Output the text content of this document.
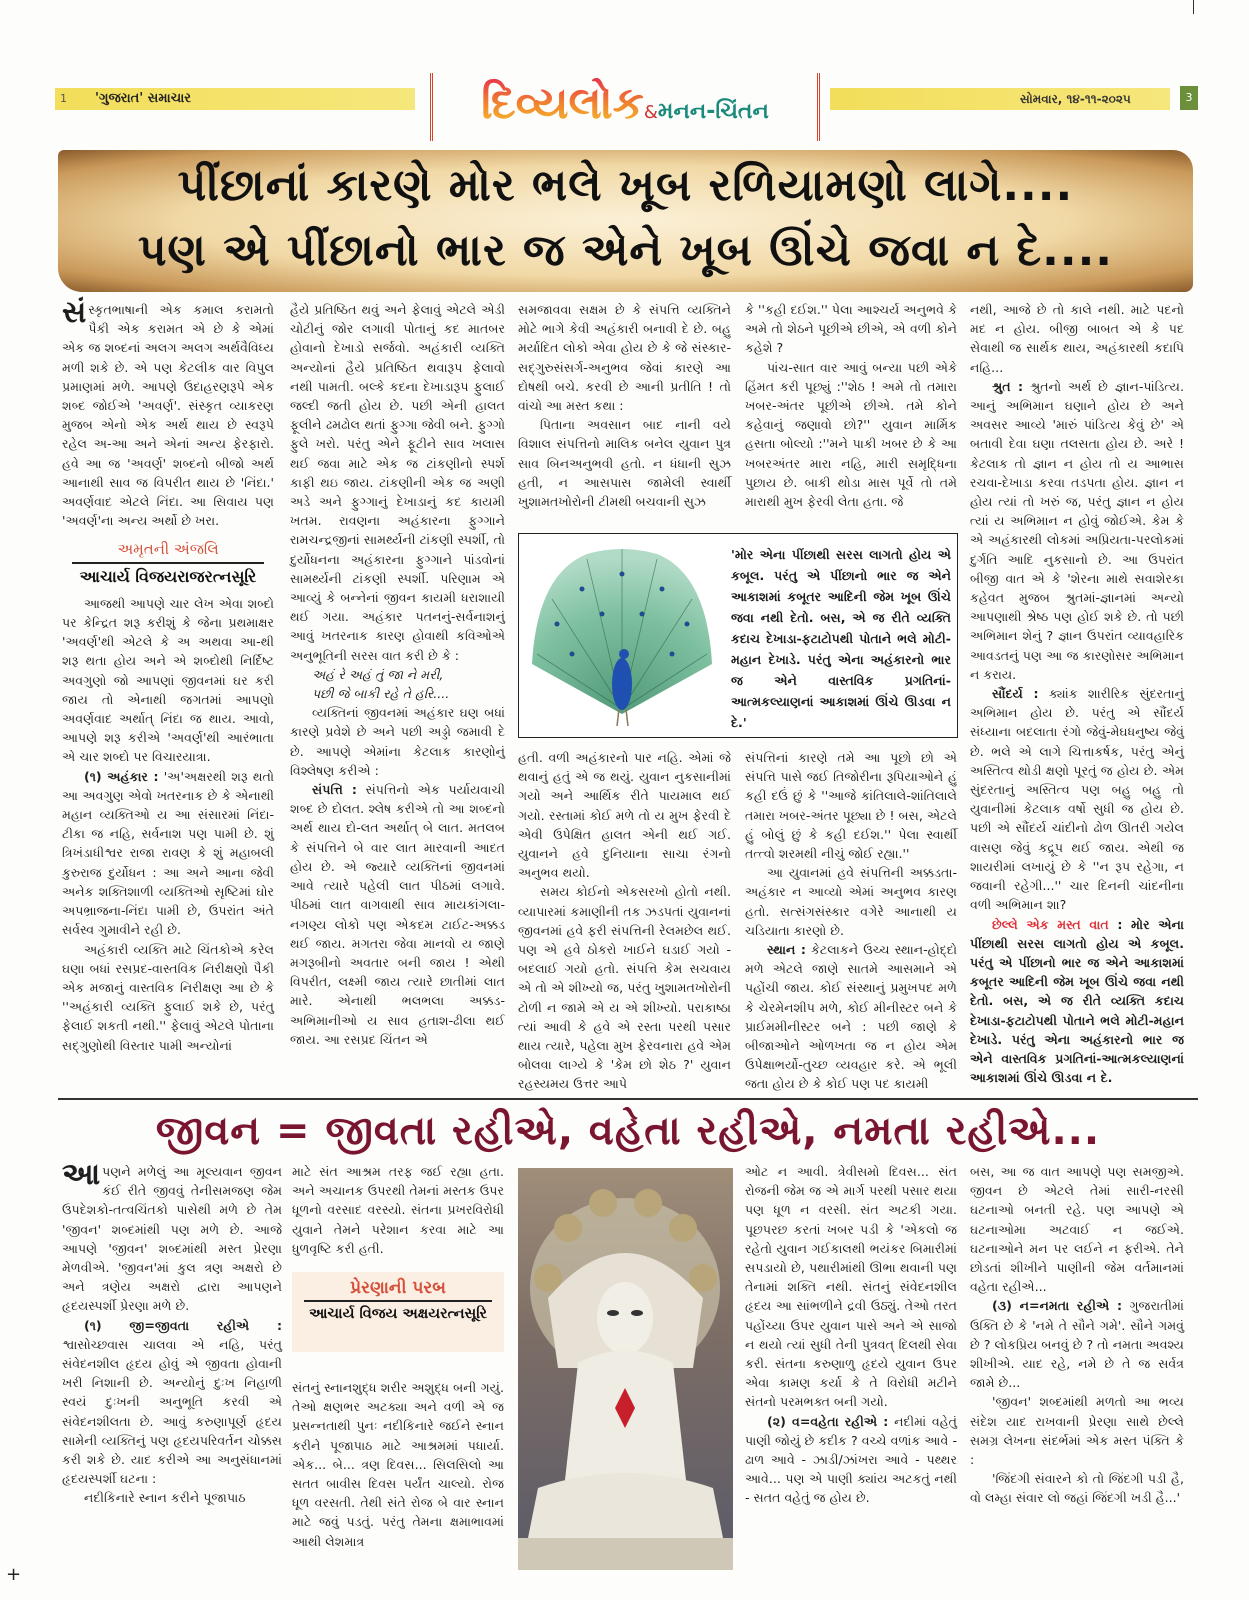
1 'ગુજરાત' સમાચાર	દિવ્યલોક&મનન-ચિંતન	સોમવાર, ૧૪-૧૧-૨૦૨૫	3
પીંછાનાં કારણે મોર ભલે ખૂબ રળિયામણો લાગે....
પણ એ પીંછાનો ભાર જ એને ખૂબ ઊંચે જવા ન દે....

સંસ્કૃતભાષાની એક કમાલ કરામતો પૈકી એક કરામત એ છે કે એમાં એક જ શબ્દનાં અલગ અલગ અર્થવૈવિધ્ય મળી શકે છે. એ પણ કેટલીક વાર વિપુલ પ્રમાણમાં મળે. આપણે ઉદાહરણરૂપે એક શબ્દ જોઈએ 'અવર્ણ'. સંસ્કૃત વ્યાકરણ મુજબ એનો એક અર્થ થાય છે સ્વરૂપે રહેલ અ-આ અને એનાં અન્ય ફેરફારો. હવે આ જ 'અવર્ણ' શબ્દનો બીજો અર્થ આનાથી સાવ જ વિપરીત થાય છે 'નિંદા.' અવર્ણવાદ એટલે નિંદા. આ સિવાય પણ 'અવર્ણ'ના અન્ય અર્થો છે ખરા.

અમૃતની અંજલિ
આચાર્ય વિજયરાજરત્નસૂરિ

આજથી આપણે ચાર લેખ એવા શબ્દો પર કેન્દ્રિત શરૂ કરીશું કે જેના પ્રથમાક્ષર 'અવર્ણ'થી એટલે કે અ અથવા આ-થી શરૂ થતા હોય અને એ શબ્દોથી નિર્દિષ્ટ અવગુણો જો આપણાં જીવનમાં ઘર કરી જાય તો એનાથી જગતમાં આપણો અવર્ણવાદ અર્થાત્ નિંદા જ થાય. આવો, આપણે શરૂ કરીએ 'અવર્ણ'થી આરંભાતા એ ચાર શબ્દો પર વિચારયાત્રા.

(૧) અહંકાર : 'અ'અક્ષરથી શરૂ થતો આ અવગુણ એવો ખતરનાક છે કે એનાથી મહાન વ્યક્તિઓ ય આ સંસારમાં નિંદા-ટીકા જ નહિ, સર્વનાશ પણ પામી છે. શું ત્રિખંડાધીશ્વર રાજા રાવણ કે શું મહાબલી કુરુરાજ દુર્યોધન : આ અને આના જેવી અનેક શક્તિશાળી વ્યક્તિઓ સૃષ્ટિમાં ઘોર અપભ્રાજના-નિંદા પામી છે, ઉપરાંત અંતે સર્વસ્વ ગુમાવીને રહી છે.

અહંકારી વ્યક્તિ માટે ચિંતકોએ કરેલ ઘણા બધાં રસપ્રદ-વાસ્તવિક નિરીક્ષણો પૈકી એક મજાનું વાસ્તવિક નિરીક્ષણ આ છે કે ''અહંકારી વ્યક્તિ ફુલાઈ શકે છે, પરંતુ ફેલાઈ શકતી નથી.'' ફેલાવું એટલે પોતાના સદ્ગુણોથી વિસ્તાર પામી અન્યોનાં

હૈયે પ્રતિષ્ઠિત થવું અને ફેલાવું એટલે એડી ચોટીનું જોર લગાવી પોતાનું કદ માતબર હોવાનો દેખાડો સર્જવો. અહંકારી વ્યક્તિ અન્યોનાં હૈયે પ્રતિષ્ઠિત થવારૂપ ફેલાવો નથી પામતી. બલ્કે કદના દેખાડારૂપ ફુલાઈ જલ્દી જતી હોય છે. પછી એની હાલત ફૂલીને ઢમઢોલ થતાં ફુગ્ગા જેવી બને. ફુગ્ગો ફુલે ખરો. પરંતુ એને ફૂટીને સાવ ખલાસ થઈ જવા માટે એક જ ટાંકણીનો સ્પર્શ કાફી થઇ જાય. ટાંકણીની એક જ અણી અડે અને ફુગ્ગાનું દેખાડાનું કદ કાયમી ખતમ. રાવણના અહંકારના ફુગ્ગાને રામચન્દ્રજીનાં સામર્થ્યની ટાંકણી સ્પર્શી, તો દુર્યોધનના અહંકારના ફુગ્ગાને પાંડવોનાં સામર્થ્યની ટાંકણી સ્પર્શી. પરિણામ એ આવ્યું કે બન્નેનાં જીવન કાયમી ધરાશાયી થઈ ગયા. અહંકાર પતનનું-સર્વનાશનું આવું ખતરનાક કારણ હોવાથી કવિઓએ અનુભૂતિની સરસ વાત કરી છે કે :

અહં રે અહં તું જા ને મરી,
પછી જે બાકી રહે તે હરિ....

વ્યક્તિનાં જીવનમાં અહંકાર ઘણ બધાં કારણે પ્રવેશે છે અને પછી અડ્ડો જમાવી દે છે. આપણે એમાંના કેટલાક કારણોનું વિશ્લેષણ કરીએ :

સંપત્તિ : સંપત્તિનો એક પર્યાયવાચી શબ્દ છે દોલત. શ્લેષ કરીએ તો આ શબ્દનો અર્થ થાય દો-લત અર્થાત્ બે લાત. મતલબ કે સંપત્તિને બે વાર લાત મારવાની આદત હોય છે. એ જ્યારે વ્યક્તિનાં જીવનમાં આવે ત્યારે પહેલી લાત પીઠમાં લગાવે. પીઠમાં લાત વાગવાથી સાવ માયકાંગલા-નગણ્ય લોકો પણ એકદમ ટાઈટ-અક્કડ થઈ જાય. મગતરા જેવા માનવો ય જાણે મગરૂબીનો અવતાર બની જાય ! એથી વિપરીત, લક્ષ્મી જાય ત્યારે છાતીમાં લાત મારે. એનાથી ભલભલા અક્કડ-અભિમાનીઓ ય સાવ હતાશ-ઢીલા થઈ જાય. આ રસપ્રદ ચિંતન એ

સમજાવવા સક્ષમ છે કે સંપત્તિ વ્યક્તિને મોટે ભાગે કેવી અહંકારી બનાવી દે છે. બહુ મર્યાદિત લોકો એવા હોય છે કે જે સંસ્કાર-સદ્ગુરુસંસર્ગ-અનુભવ જેવાં કારણે આ દોષથી બચે. કરવી છે આની પ્રતીતિ ! તો વાંચો આ મસ્ત કથા :

પિતાના અવસાન બાદ નાની વયે વિશાલ સંપત્તિનો માલિક બનેલ યુવાન પુત્ર સાવ બિનઅનુભવી હતો. ન ધંધાની સુઝ હતી, ન આસપાસ જામેલી સ્વાર્થી ખુશામતખોરોની ટીમથી બચવાની સુઝ

કે ''કહી દઈશ.'' પેલા આશ્ચર્ય અનુભવે કે અમે તો શેઠને પૂછીએ છીએ, એ વળી કોને કહેશે ?

પાંચ-સાત વાર આવું બન્યા પછી એકે હિંમત કરી પૂછ્યું :''શેઠ ! અમે તો તમારા ખબર-અંતર પૂછીએ છીએ. તમે કોને કહેવાનું જણાવો છો?'' યુવાન માર્મિક હસતા બોલ્યો :''મને પાકી ખબર છે કે આ ખબરઅંતર મારા નહિ, મારી સમૃદ્ધિના પુછાય છે. બાકી થોડા માસ પૂર્વે તો તમે મારાથી મુખ ફેરવી લેતા હતા. જે

'મોર એના પીંછાથી સરસ લાગતો હોય એ કબૂલ. પરંતુ એ પીંછાનો ભાર જ એને આકાશમાં કબૂતર આદિની જેમ ખૂબ ઊંચે જવા નથી દેતો. બસ, એ જ રીતે વ્યક્તિ કદાચ દેખાડા-ફટાટોપથી પોતાને ભલે મોટી-મહાન દેખાડે. પરંતુ એના અહંકારનો ભાર જ એને વાસ્તવિક પ્રગતિનાં-આત્મકલ્યાણનાં આકાશમાં ઊંચે ઊડવા ન દે.'

હતી. વળી અહંકારનો પાર નહિ. એમાં જે થવાનું હતું એ જ થયું. યુવાન નુકસાનીમાં ગયો અને આર્થિક રીતે પાયમાલ થઈ ગયો. રસ્તામાં કોઈ મળે તો ય મુખ ફેરવી દે એવી ઉપેક્ષિત હાલત એની થઈ ગઈ. યુવાનને હવે દુનિયાના સાચા રંગનો અનુભવ થયો.

સમય કોઈનો એકસરખો હોતો નથી. વ્યાપારમાં કમાણીની તક ઝડપતાં યુવાનનાં જીવનમાં હવે ફરી સંપત્તિની રેલમછેલ થઈ. પણ એ હવે ઠોકરો ખાઈને ઘડાઈ ગયો - બદલાઈ ગયો હતો. સંપત્તિ કેમ સચવાય એ તો એ શીખ્યો જ, પરંતુ ખુશામતખોરોની ટોળી ન જામે એ ય એ શીખ્યો. પરાકાષ્ઠા ત્યાં આવી કે હવે એ રસ્તા પરથી પસાર થાય ત્યારે, પહેલા મુખ ફેરવનારા હવે એમ બોલવા લાગ્યે કે 'કેમ છો શેઠ ?' યુવાન રહસ્યમય ઉત્તર આપે

સંપત્તિનાં કારણે તમે આ પૂછો છો એ સંપત્તિ પાસે જઈ તિજોરીના રૂપિયાઓને હું કહી દઉં છું કે ''આજે કાંતિલાલે-શાંતિલાલે તમારા ખબર-અંતર પૂછ્યા છે ! બસ, એટલે હું બોલું છું કે કહી દઈશ.'' પેલા સ્વાર્થી તત્ત્વો શરમથી નીચું જોઈ રહ્યા.''

આ યુવાનમાં હવે સંપત્તિની અક્કડતા-અહંકાર ન આવ્યો એમાં અનુભવ કારણ હતો. સત્સંગસંસ્કાર વગેરે આનાથી ય ચડિયાતા કારણો છે.

સ્થાન : કેટલાકને ઉચ્ચ સ્થાન-હોદ્દો મળે એટલે જાણે સાતમે આસમાને એ પહોંચી જાય. કોઈ સંસ્થાનું પ્રમુખપદ મળે કે ચેરમેનશીપ મળે, કોઈ મીનીસ્ટર બને કે પ્રાઈમમીનીસ્ટર બને : પછી જાણે કે બીજાઓને ઓળખતા જ ન હોય એમ ઉપેક્ષાભર્યો-તુચ્છ વ્યવહાર કરે. એ ભૂલી જતા હોય છે કે કોઈ પણ પદ કાયમી

નથી, આજે છે તો કાલે નથી. માટે પદનો મદ ન હોય. બીજી બાબત એ કે પદ સેવાથી જ સાર્થક થાય, અહંકારથી કદાપિ નહિ...

શ્રુત : શ્રુતનો અર્થ છે જ્ઞાન-પાંડિત્ય. આનું અભિમાન ઘણાને હોય છે અને અવસર આવ્યે 'મારું પાંડિત્ય કેવું છે' એ બતાવી દેવા ઘણા તલસતા હોય છે. અરે ! કેટલાક તો જ્ઞાન ન હોય તો ય આભાસ રચવા-દેખાડા કરવા તડપતા હોય. જ્ઞાન ન હોય ત્યાં તો ખરું જ, પરંતુ જ્ઞાન ન હોય ત્યાં ય અભિમાન ન હોવું જોઈએ. કેમ કે એ અહંકારથી લોકમાં અપ્રિયતા-પરલોકમાં દુર્ગતિ આદિ નુકસાનો છે. આ ઉપરાંત બીજી વાત એ કે 'શેરના માથે સવાશેરકા કહેવત મુજબ શ્રુતમાં-જ્ઞાનમાં અન્યો આપણાથી શ્રેષ્ઠ પણ હોઈ શકે છે. તો પછી અભિમાન શેનું ? જ્ઞાન ઉપરાંત વ્યાવહારિક આવડતનું પણ આ જ કારણોસર અભિમાન ન કરાય.

સૌંદર્ય : ક્યાંક શારીરિક સુંદરતાનું અભિમાન હોય છે. પરંતુ એ સૌંદર્ય સંધ્યાના બદલાતા રંગો જેવું-મેઘધનુષ્ય જેવું છે. ભલે એ લાગે ચિત્તાકર્ષક, પરંતુ એનું અસ્તિત્વ થોડી ક્ષણો પૂરતું જ હોય છે. એમ સુંદરતાનું અસ્તિત્વ પણ બહુ બહુ તો યુવાનીમાં કેટલાક વર્ષો સુધી જ હોય છે. પછી એ સૌંદર્ય ચાંદીનો ઢોળ ઊતરી ગયેલ વાસણ જેવું કદ્રૂપ થઈ જાય. એથી જ શાયરીમાં લખાયું છે કે ''ન રૂપ રહેગા, ન જવાની રહેગી...'' ચાર દિનની ચાંદનીના વળી અભિમાન શા?

છેલ્લે એક મસ્ત વાત : મોર એના પીંછાથી સરસ લાગતો હોય એ કબૂલ. પરંતુ એ પીંછાનો ભાર જ એને આકાશમાં કબૂતર આદિની જેમ ખૂબ ઊંચે જવા નથી દેતો. બસ, એ જ રીતે વ્યક્તિ કદાચ દેખાડા-ફટાટોપથી પોતાને ભલે મોટી-મહાન દેખાડે. પરંતુ એના અહંકારનો ભાર જ એને વાસ્તવિક પ્રગતિનાં-આત્મકલ્યાણનાં આકાશમાં ઊંચે ઊડવા ન દે.

જીવન = જીવતા રહીએ, વહેતા રહીએ, નમતા રહીએ...

આપણને મળેલું આ મૂલ્યવાન જીવન કંઈ રીતે જીવવું તેનીસમજણ જેમ ઉપદેશકો-તત્વચિંતકો પાસેથી મળે છે તેમ 'જીવન' શબ્દમાંથી પણ મળે છે. આજે આપણે 'જીવન' શબ્દમાંથી મસ્ત પ્રેરણા મેળવીએ. 'જીવન'માં કુલ ત્રણ અક્ષરો છે અને ત્રણેય અક્ષરો દ્વારા આપણને હૃદયસ્પર્શી પ્રેરણા મળે છે.

(૧) જી=જીવતા રહીએ : શ્વાસોચ્છવાસ ચાલવા એ નહિ, પરંતુ સંવેદનશીલ હૃદય હોવું એ જીવતા હોવાની ખરી નિશાની છે. અન્યોનું દુઃખ નિહાળી સ્વયં દુઃખની અનુભૂતિ કરવી એ સંવેદનશીલતા છે. આવું કરુણાપૂર્ણ હૃદય સામેની વ્યક્તિનું પણ હૃદયપરિવર્તન ચોક્કસ કરી શકે છે. યાદ કરીએ આ અનુસંધાનમાં હૃદયસ્પર્શી ઘટના :

નદીકિનારે સ્નાન કરીને પૂજાપાઠ

માટે સંત આશ્રમ તરફ જઈ રહ્યા હતા. અને અચાનક ઉપરથી તેમનાં મસ્તક ઉપર ધૂળનો વરસાદ વરસ્યો. સંતના પ્રખરવિરોધી યુવાને તેમને પરેશાન કરવા માટે આ ધુળવૃષ્ટિ કરી હતી.

પ્રેરણાની પરબ
આચાર્ય વિજય અક્ષયરત્નસૂરિ

સંતનું સ્નાનશુદ્ધ શરીર અશુદ્ધ બની ગયું. તેઓ ક્ષણભર અટક્યા અને વળી એ જ પ્રસન્નતાથી પુનઃ નદીકિનારે જઈને સ્નાન કરીને પૂજાપાઠ માટે આશ્રમમાં પધાર્યા. એક... બે... ત્રણ દિવસ... સિલસિલો આ સતત બાવીસ દિવસ પર્યંત ચાલ્યો. રોજ ધૂળ વરસતી. તેથી સંતે રોજ બે વાર સ્નાન માટે જવું પડતું. પરંતુ તેમના ક્ષમાભાવમાં આથી લેશમાત્ર

ઓટ ન આવી. ત્રેવીસમો દિવસ... સંત રોજની જેમ જ એ માર્ગ પરથી પસાર થયા પણ ધૂળ ન વરસી. સંત અટકી ગયા. પૂછપરછ કરતાં ખબર પડી કે 'એકલો જ રહેતો યુવાન ગઈકાલથી ભયંકર બિમારીમાં સપડાયો છે, પથારીમાંથી ઊભા થવાની પણ તેનામાં શક્તિ નથી. સંતનું સંવેદનશીલ હૃદય આ સાંભળીને દ્રવી ઉઠ્યું. તેઓ તરત પહોંચ્યા ઉપર યુવાન પાસે અને એ સાજો ન થયો ત્યાં સુધી તેની પુત્રવત્ દિલથી સેવા કરી. સંતના કરુણાળુ હૃદયે યુવાન ઉપર એવા કામણ કર્યા કે તે વિરોધી મટીને સંતનો પરમભક્ત બની ગયો.

(૨) વ=વહેતા રહીએ : નદીમાં વહેતું પાણી જોયું છે કદીક ? વચ્ચે વળાંક આવે - ઢાળ આવે - ઝાડી/ઝાંખરા આવે - પથ્થર આવે... પણ એ પાણી ક્યાંય અટકતું નથી - સતત વહેતું જ હોય છે.

બસ, આ જ વાત આપણે પણ સમજીએ. જીવન છે એટલે તેમાં સારી-નરસી ઘટનાઓ બનતી રહે. પણ આપણે એ ઘટનાઓમા અટવાઈ ન જઈએ. ઘટનાઓને મન પર લઈને ન ફરીએ. તેને છોડતાં શીખીને પાણીની જેમ વર્તમાનમાં વહેતા રહીએ...

(૩) ન=નમતા રહીએ : ગુજરાતીમાં ઉક્તિ છે કે 'નમે તે સૌને ગમે'. સૌને ગમવું છે ? લોકપ્રિય બનવું છે ? તો નમતા અવશ્ય શીખીએ. યાદ રહે, નમે છે તે જ સર્વત્ર જામે છે...

'જીવન' શબ્દમાંથી મળતો આ ભવ્ય સંદેશ યાદ રાખવાની પ્રેરણા સાથે છેલ્લે સમગ્ર લેખના સંદર્ભમાં એક મસ્ત પંક્તિ કે :

'જિંદગી સંવારને કો તો જિંદગી પડી હૈ, વો લમ્હા સંવાર લો જહાં જિંદગી ખડી હૈ...'

+
